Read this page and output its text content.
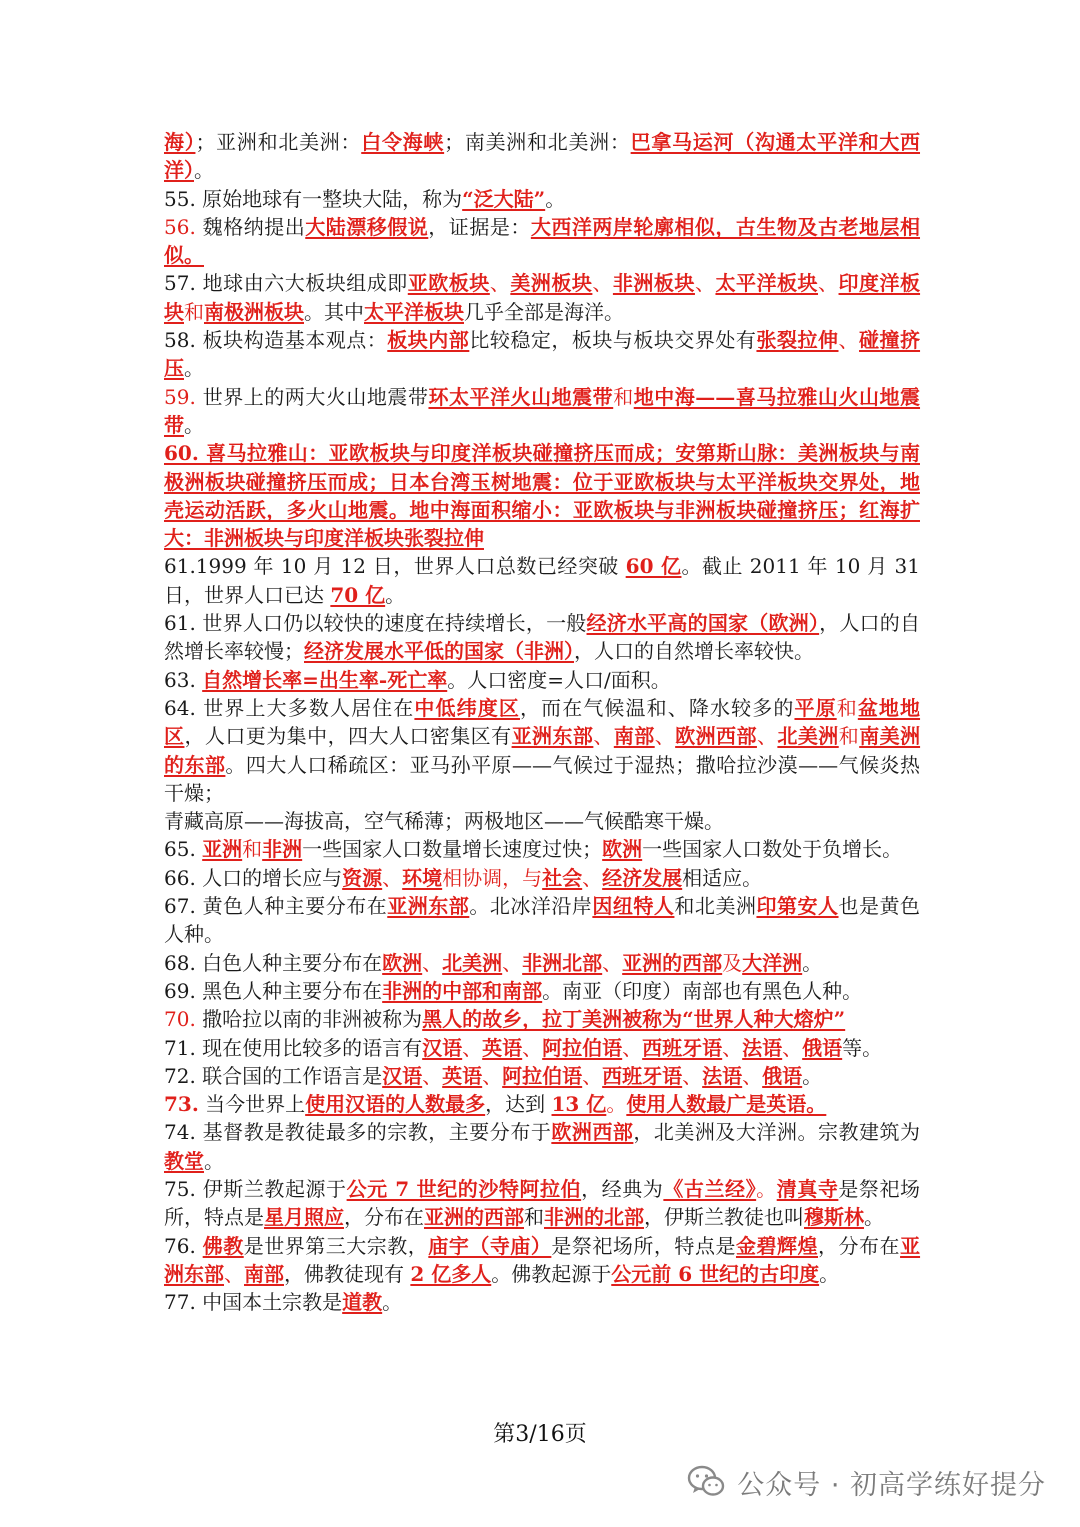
海）；亚洲和北美洲：白令海峡；南美洲和北美洲：巴拿马运河（沟通太平洋和大西洋）。

55. 原始地球有一整块大陆，称为“泛大陆”。

56. 魏格纳提出大陆漂移假说，证据是：大西洋两岸轮廓相似，古生物及古老地层相似。

57. 地球由六大板块组成即亚欧板块、美洲板块、非洲板块、太平洋板块、印度洋板块和南极洲板块。其中太平洋板块几乎全部是海洋。

58. 板块构造基本观点：板块内部比较稳定，板块与板块交界处有张裂拉伸、碰撞挤压。

59. 世界上的两大火山地震带环太平洋火山地震带和地中海——喜马拉雅山火山地震带。

60. 喜马拉雅山：亚欧板块与印度洋板块碰撞挤压而成；安第斯山脉：美洲板块与南极洲板块碰撞挤压而成；日本台湾玉树地震：位于亚欧板块与太平洋板块交界处，地壳运动活跃，多火山地震。地中海面积缩小：亚欧板块与非洲板块碰撞挤压；红海扩大：非洲板块与印度洋板块张裂拉伸

61.1999 年 10 月 12 日，世界人口总数已经突破 60 亿。截止 2011 年 10 月 31 日，世界人口已达 70 亿。

61. 世界人口仍以较快的速度在持续增长，一般经济水平高的国家（欧洲），人口的自然增长率较慢；经济发展水平低的国家（非洲），人口的自然增长率较快。

63. 自然增长率=出生率-死亡率。人口密度=人口/面积。

64. 世界上大多数人居住在中低纬度区，而在气候温和、降水较多的平原和盆地地区，人口更为集中，四大人口密集区有亚洲东部、南部、欧洲西部、北美洲和南美洲的东部。四大人口稀疏区：亚马孙平原——气候过于湿热；撒哈拉沙漠——气候炎热干燥；

青藏高原——海拔高，空气稀薄；两极地区——气候酷寒干燥。

65. 亚洲和非洲一些国家人口数量增长速度过快；欧洲一些国家人口数处于负增长。

66. 人口的增长应与资源、环境相协调，与社会、经济发展相适应。

67. 黄色人种主要分布在亚洲东部。北冰洋沿岸因纽特人和北美洲印第安人也是黄色人种。

68. 白色人种主要分布在欧洲、北美洲、非洲北部、亚洲的西部及大洋洲。

69. 黑色人种主要分布在非洲的中部和南部。南亚（印度）南部也有黑色人种。

70. 撒哈拉以南的非洲被称为黑人的故乡，拉丁美洲被称为“世界人种大熔炉”

71. 现在使用比较多的语言有汉语、英语、阿拉伯语、西班牙语、法语、俄语等。

72. 联合国的工作语言是汉语、英语、阿拉伯语、西班牙语、法语、俄语。

73. 当今世界上使用汉语的人数最多，达到 13 亿。使用人数最广是英语。

74. 基督教是教徒最多的宗教，主要分布于欧洲西部，北美洲及大洋洲。宗教建筑为教堂。

75. 伊斯兰教起源于公元 7 世纪的沙特阿拉伯，经典为《古兰经》。清真寺是祭祀场所，特点是星月照应，分布在亚洲的西部和非洲的北部，伊斯兰教徒也叫穆斯林。

76. 佛教是世界第三大宗教，庙宇（寺庙）是祭祀场所，特点是金碧辉煌，分布在亚洲东部、南部，佛教徒现有 2 亿多人。佛教起源于公元前 6 世纪的古印度。

77. 中国本土宗教是道教。

第3/16页
公众号 · 初高学练好提分
